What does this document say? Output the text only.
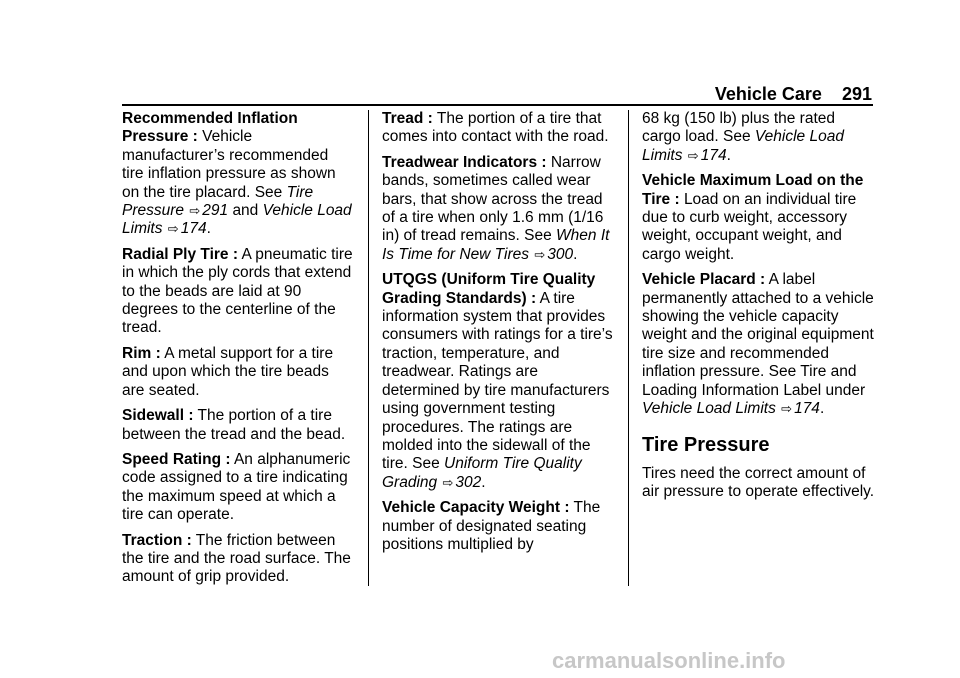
Vehicle Care 291

Recommended Inflation Pressure : Vehicle manufacturer’s recommended tire inflation pressure as shown on the tire placard. See Tire Pressure ⇨ 291 and Vehicle Load Limits ⇨ 174.

Radial Ply Tire : A pneumatic tire in which the ply cords that extend to the beads are laid at 90 degrees to the centerline of the tread.

Rim : A metal support for a tire and upon which the tire beads are seated.

Sidewall : The portion of a tire between the tread and the bead.

Speed Rating : An alphanumeric code assigned to a tire indicating the maximum speed at which a tire can operate.

Traction : The friction between the tire and the road surface. The amount of grip provided.

Tread : The portion of a tire that comes into contact with the road.

Treadwear Indicators : Narrow bands, sometimes called wear bars, that show across the tread of a tire when only 1.6 mm (1/16 in) of tread remains. See When It Is Time for New Tires ⇨ 300.

UTQGS (Uniform Tire Quality Grading Standards) : A tire information system that provides consumers with ratings for a tire’s traction, temperature, and treadwear. Ratings are determined by tire manufacturers using government testing procedures. The ratings are molded into the sidewall of the tire. See Uniform Tire Quality Grading ⇨ 302.

Vehicle Capacity Weight : The number of designated seating positions multiplied by

68 kg (150 lb) plus the rated cargo load. See Vehicle Load Limits ⇨ 174.

Vehicle Maximum Load on the Tire : Load on an individual tire due to curb weight, accessory weight, occupant weight, and cargo weight.

Vehicle Placard : A label permanently attached to a vehicle showing the vehicle capacity weight and the original equipment tire size and recommended inflation pressure. See Tire and Loading Information Label under Vehicle Load Limits ⇨ 174.

Tire Pressure

Tires need the correct amount of air pressure to operate effectively.

carmanualsonline.info
